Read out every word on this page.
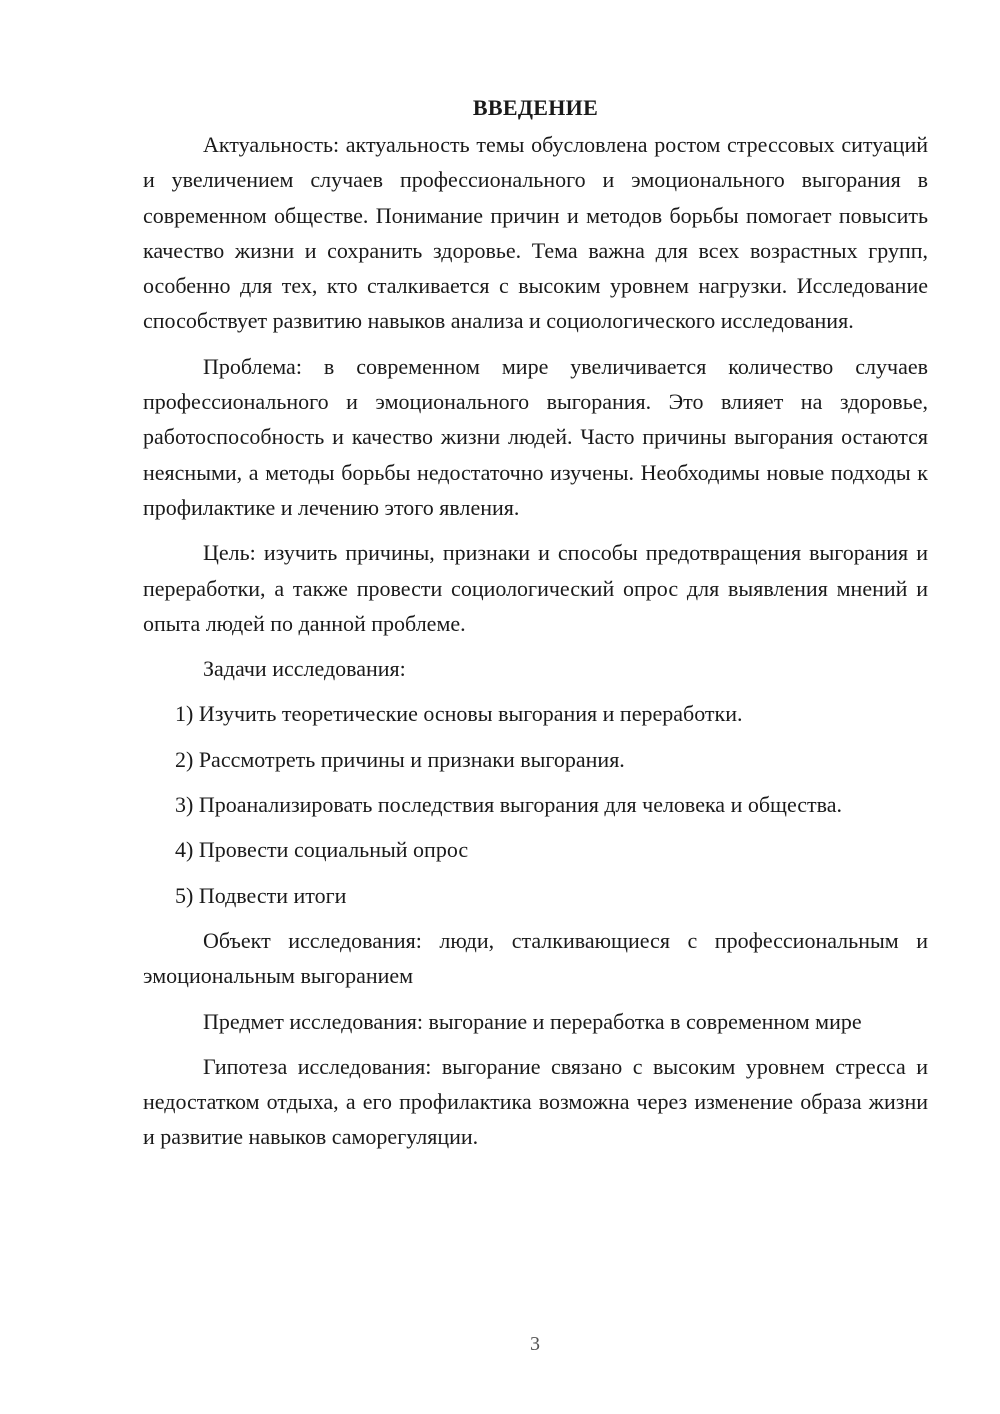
ВВЕДЕНИЕ

Актуальность: актуальность темы обусловлена ростом стрессовых ситуаций и увеличением случаев профессионального и эмоционального выгорания в современном обществе. Понимание причин и методов борьбы помогает повысить качество жизни и сохранить здоровье. Тема важна для всех возрастных групп, особенно для тех, кто сталкивается с высоким уровнем нагрузки. Исследование способствует развитию навыков анализа и социологического исследования.

Проблема: в современном мире увеличивается количество случаев профессионального и эмоционального выгорания. Это влияет на здоровье, работоспособность и качество жизни людей. Часто причины выгорания остаются неясными, а методы борьбы недостаточно изучены. Необходимы новые подходы к профилактике и лечению этого явления.

Цель: изучить причины, признаки и способы предотвращения выгорания и переработки, а также провести социологический опрос для выявления мнений и опыта людей по данной проблеме.

Задачи исследования:

1) Изучить теоретические основы выгорания и переработки.

2) Рассмотреть причины и признаки выгорания.

3) Проанализировать последствия выгорания для человека и общества.

4) Провести социальный опрос

5) Подвести итоги

Объект исследования: люди, сталкивающиеся с профессиональным и эмоциональным выгоранием

Предмет исследования: выгорание и переработка в современном мире

Гипотеза исследования: выгорание связано с высоким уровнем стресса и недостатком отдыха, а его профилактика возможна через изменение образа жизни и развитие навыков саморегуляции.

3
